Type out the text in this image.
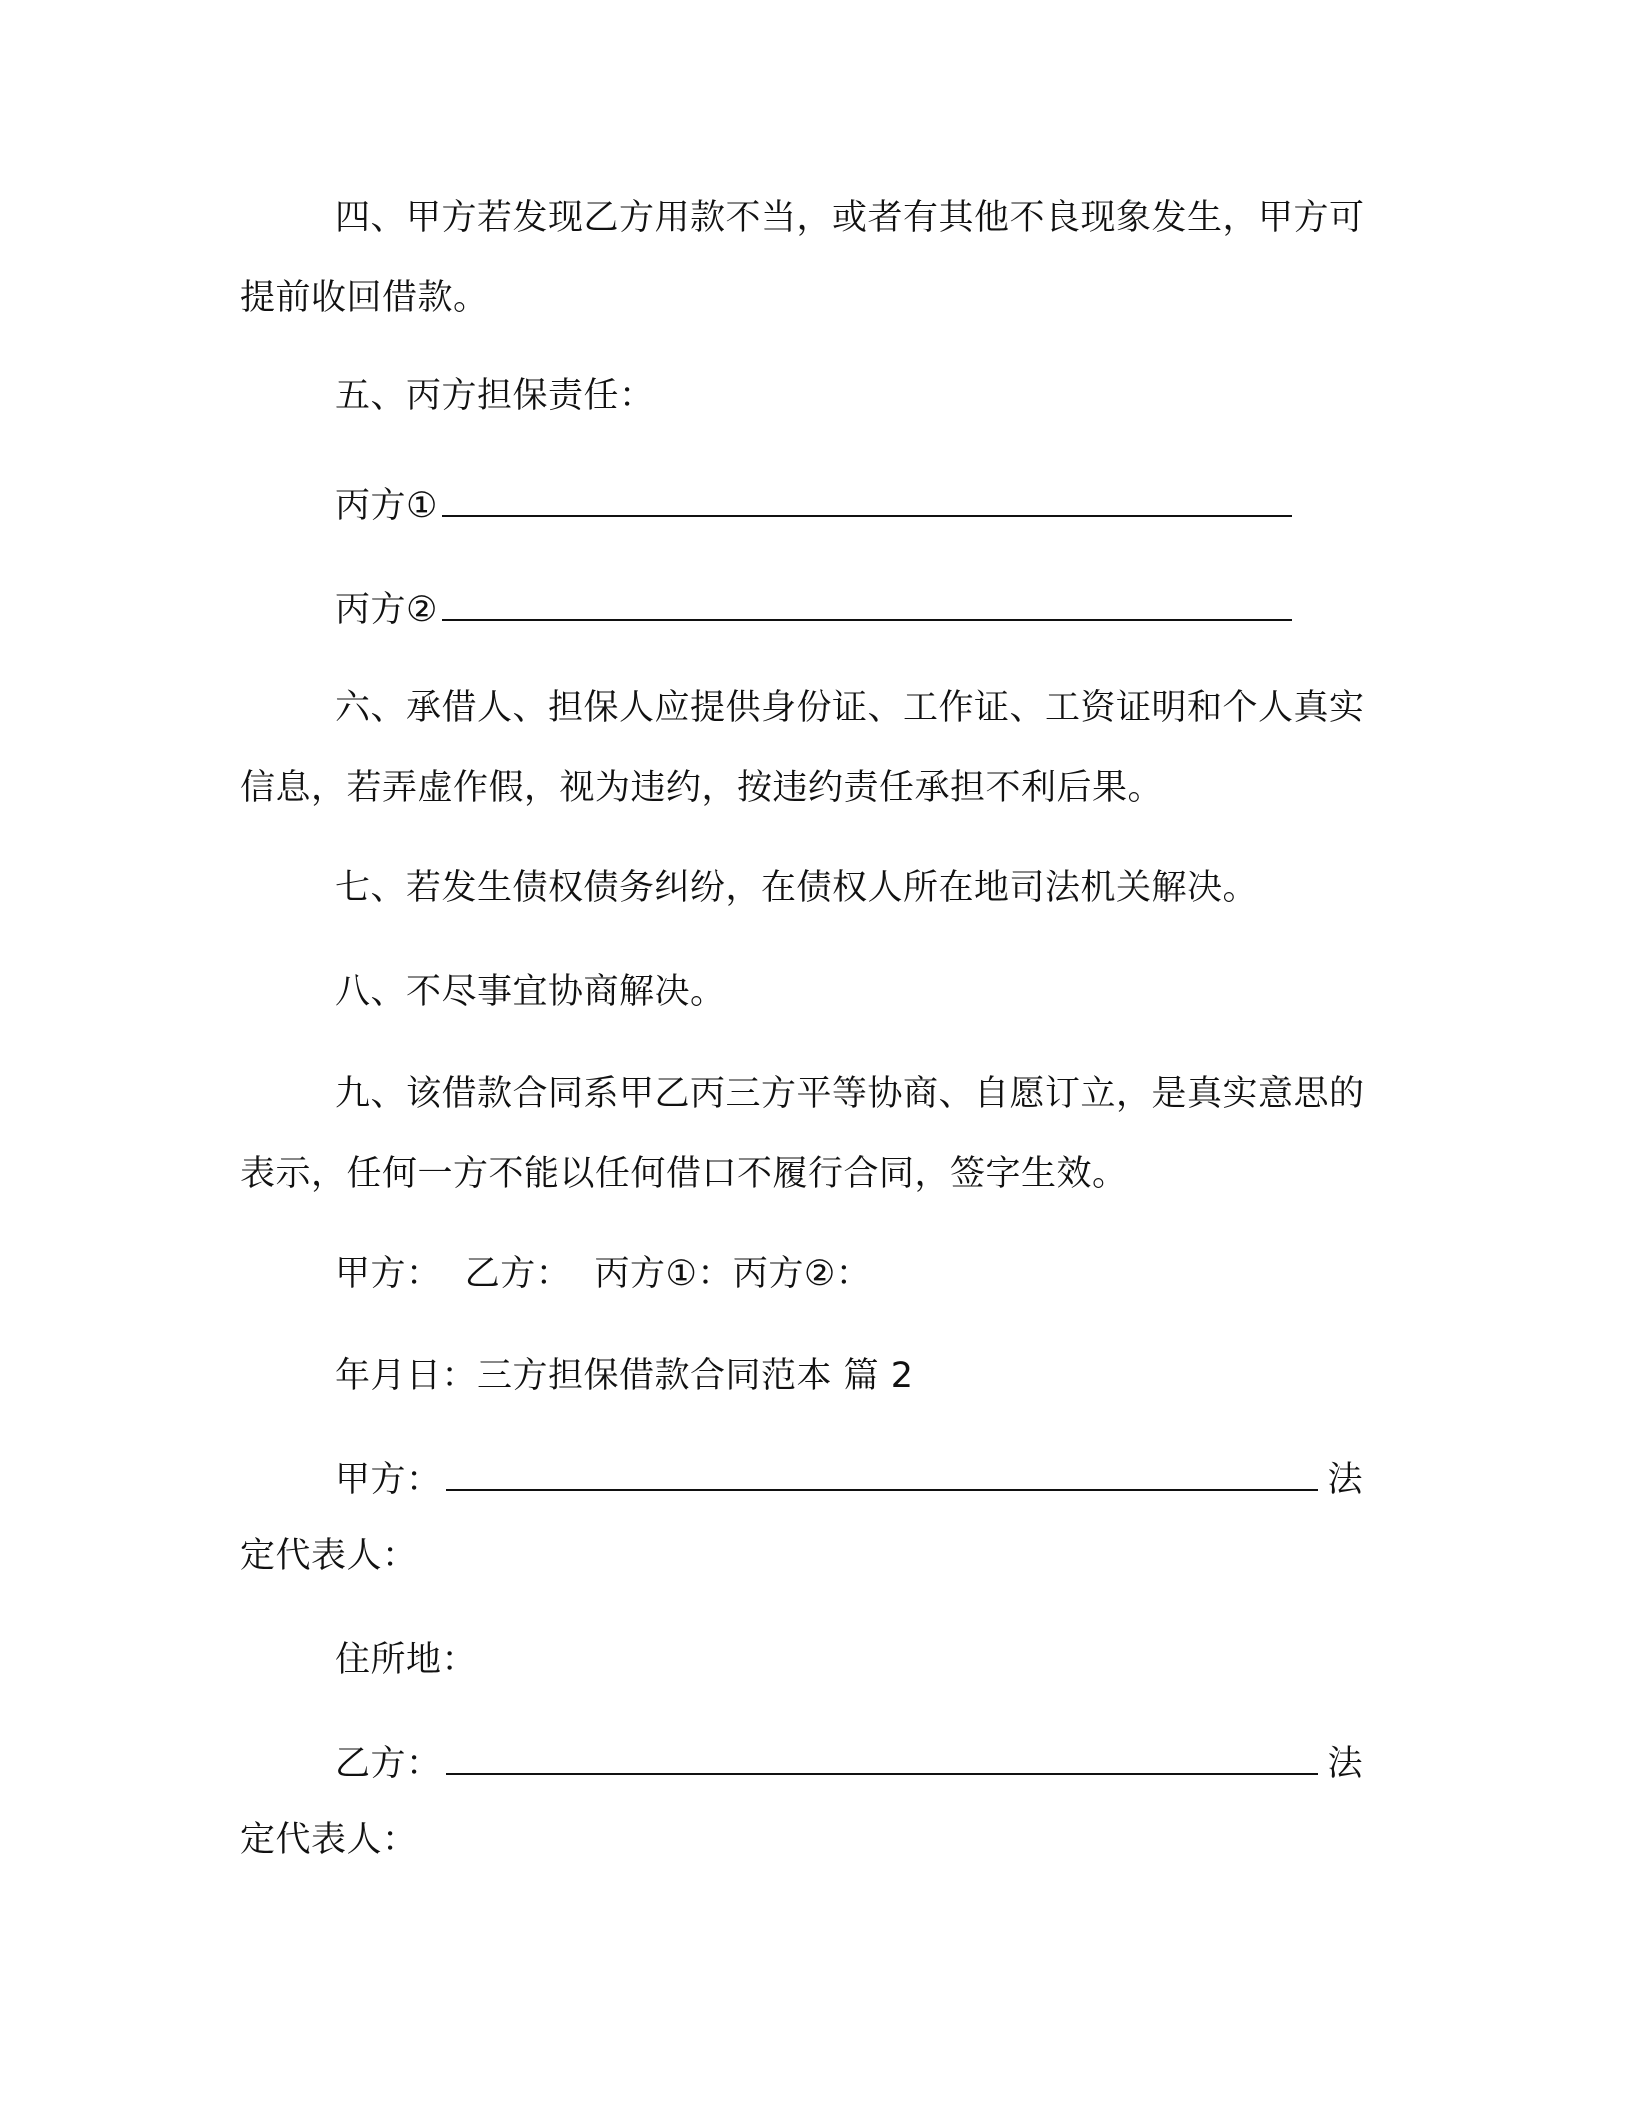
四、甲方若发现乙方用款不当，或者有其他不良现象发生，甲方可提前收回借款。
五、丙方担保责任：
丙方①
丙方②
六、承借人、担保人应提供身份证、工作证、工资证明和个人真实信息，若弄虚作假，视为违约，按违约责任承担不利后果。
七、若发生债权债务纠纷，在债权人所在地司法机关解决。
八、不尽事宜协商解决。
九、该借款合同系甲乙丙三方平等协商、自愿订立，是真实意思的表示，任何一方不能以任何借口不履行合同，签字生效。
甲方：  乙方：  丙方①：丙方②：
年月日：三方担保借款合同范本 篇 2
甲方：	法
定代表人：
住所地：
乙方：	法
定代表人：
